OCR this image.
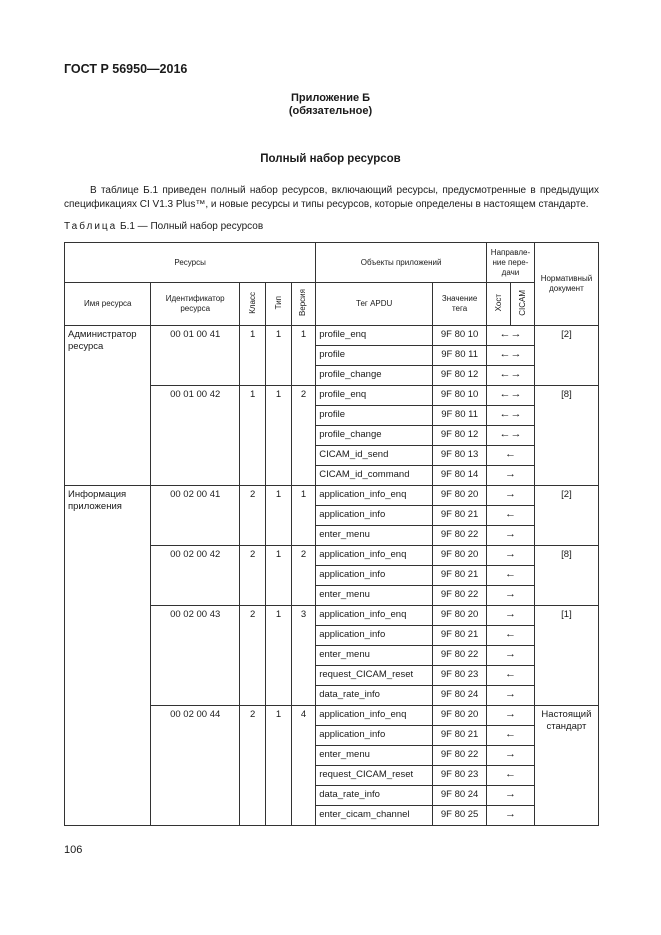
ГОСТ Р 56950—2016
Приложение Б
(обязательное)
Полный набор ресурсов

В таблице Б.1 приведен полный набор ресурсов, включающий ресурсы, предусмотренные в предыдущих спецификациях CI V1.3 Plus™, и новые ресурсы и типы ресурсов, которые определены в настоящем стандарте.

Таблица Б.1 — Полный набор ресурсов
Ресурсы					Объекты приложений		Направле-ние пере-дачи		Нормативный документ
Имя ресурса	Идентификатор ресурса	Класс	Тип	Версия	Тег APDU	Значение тега	Хост	CICAM	
Администратор ресурса	00 01 00 41	1	1	1	profile_enq	9F 80 10	←→		[2]
					profile	9F 80 11	←→		
					profile_change	9F 80 12	←→		
	00 01 00 42	1	1	2	profile_enq	9F 80 10	←→		[8]
					profile	9F 80 11	←→		
					profile_change	9F 80 12	←→		
					CICAM_id_send	9F 80 13	←		
					CICAM_id_command	9F 80 14	→		
Информация приложения	00 02 00 41	2	1	1	application_info_enq	9F 80 20	→		[2]
					application_info	9F 80 21	←		
					enter_menu	9F 80 22	→		
	00 02 00 42	2	1	2	application_info_enq	9F 80 20	→		[8]
					application_info	9F 80 21	←		
					enter_menu	9F 80 22	→		
	00 02 00 43	2	1	3	application_info_enq	9F 80 20	→		[1]
					application_info	9F 80 21	←		
					enter_menu	9F 80 22	→		
					request_CICAM_reset	9F 80 23	←		
					data_rate_info	9F 80 24	→		
	00 02 00 44	2	1	4	application_info_enq	9F 80 20	→		Настоящий стандарт
					application_info	9F 80 21	←		
					enter_menu	9F 80 22	→		
					request_CICAM_reset	9F 80 23	←		
					data_rate_info	9F 80 24	→		
					enter_cicam_channel	9F 80 25	→		
106
